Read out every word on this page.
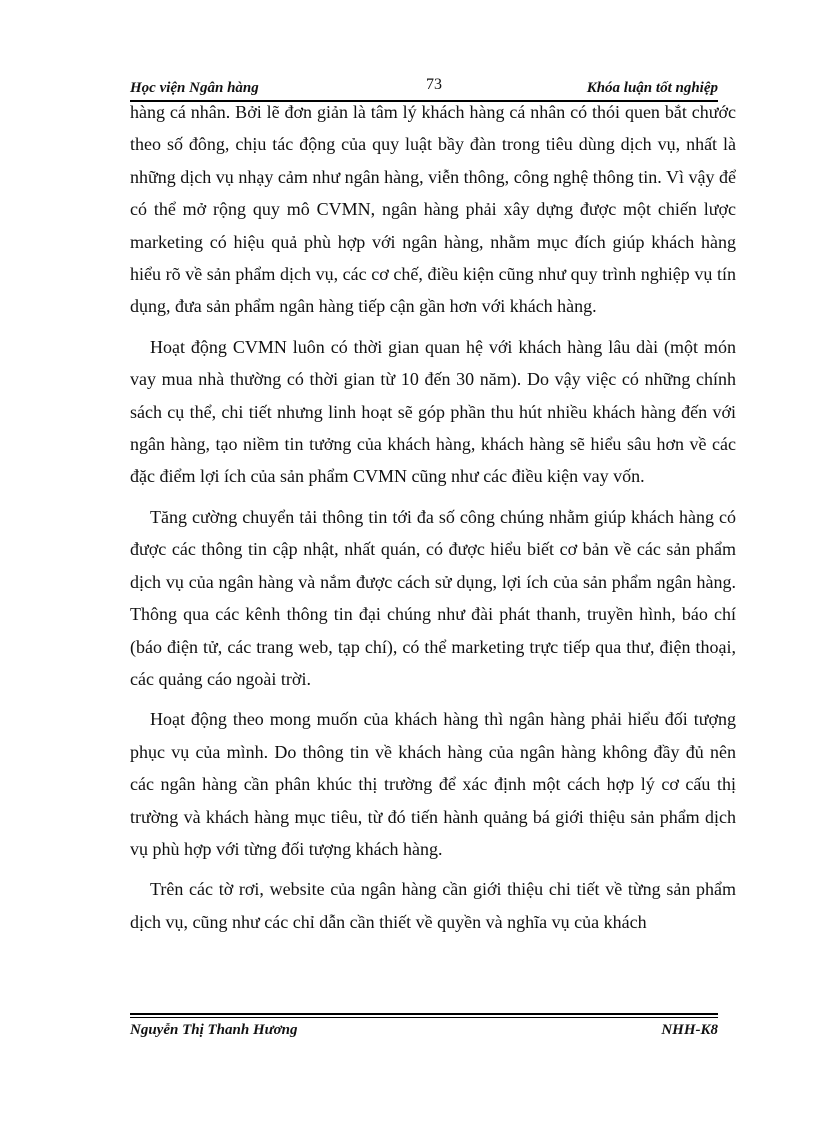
Học viện Ngân hàng	73	Khóa luận tốt nghiệp

hàng cá nhân. Bởi lẽ đơn giản là tâm lý khách hàng cá nhân có thói quen bắt chước theo số đông, chịu tác động của quy luật bầy đàn trong tiêu dùng dịch vụ, nhất là những dịch vụ nhạy cảm như ngân hàng, viễn thông, công nghệ thông tin. Vì vậy để có thể mở rộng quy mô CVMN, ngân hàng phải xây dựng được một chiến lược marketing có hiệu quả phù hợp với ngân hàng, nhằm mục đích giúp khách hàng hiểu rõ về sản phẩm dịch vụ, các cơ chế, điều kiện cũng như quy trình nghiệp vụ tín dụng, đưa sản phẩm ngân hàng tiếp cận gần hơn với khách hàng.

Hoạt động CVMN luôn có thời gian quan hệ với khách hàng lâu dài (một món vay mua nhà thường có thời gian từ 10 đến 30 năm). Do vậy việc có những chính sách cụ thể, chi tiết nhưng linh hoạt sẽ góp phần thu hút nhiều khách hàng đến với ngân hàng, tạo niềm tin tưởng của khách hàng, khách hàng sẽ hiểu sâu hơn về các đặc điểm lợi ích của sản phẩm CVMN cũng như các điều kiện vay vốn.

Tăng cường chuyển tải thông tin tới đa số công chúng nhằm giúp khách hàng có được các thông tin cập nhật, nhất quán, có được hiểu biết cơ bản về các sản phẩm dịch vụ của ngân hàng và nắm được cách sử dụng, lợi ích của sản phẩm ngân hàng. Thông qua các kênh thông tin đại chúng như đài phát thanh, truyền hình, báo chí (báo điện tử, các trang web, tạp chí), có thể marketing trực tiếp qua thư, điện thoại, các quảng cáo ngoài trời.

Hoạt động theo mong muốn của khách hàng thì ngân hàng phải hiểu đối tượng phục vụ của mình. Do thông tin về khách hàng của ngân hàng không đầy đủ nên các ngân hàng cần phân khúc thị trường để xác định một cách hợp lý cơ cấu thị trường và khách hàng mục tiêu, từ đó tiến hành quảng bá giới thiệu sản phẩm dịch vụ phù hợp với từng đối tượng khách hàng.

Trên các tờ rơi, website của ngân hàng cần giới thiệu chi tiết về từng sản phẩm dịch vụ, cũng như các chỉ dẫn cần thiết về quyền và nghĩa vụ của khách

Nguyễn Thị Thanh Hương	NHH-K8
